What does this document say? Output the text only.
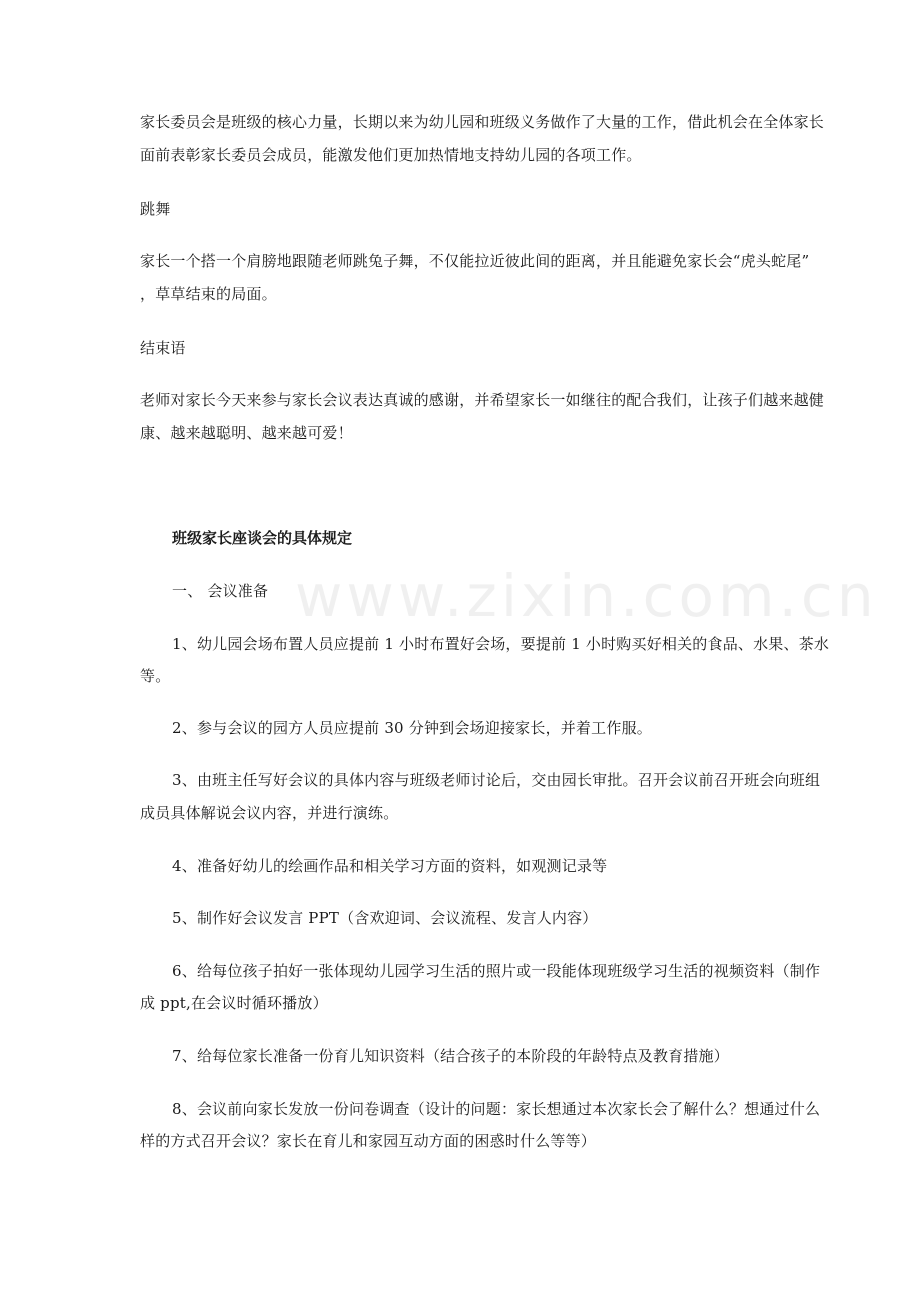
www.zixin.com.cn
家长委员会是班级的核心力量，长期以来为幼儿园和班级义务做作了大量的工作，借此机会在全体家长
面前表彰家长委员会成员，能激发他们更加热情地支持幼儿园的各项工作。
跳舞
家长一个搭一个肩膀地跟随老师跳兔子舞，不仅能拉近彼此间的距离，并且能避免家长会“虎头蛇尾”
，草草结束的局面。
结束语
老师对家长今天来参与家长会议表达真诚的感谢，并希望家长一如继往的配合我们，让孩子们越来越健
康、越来越聪明、越来越可爱！
班级家长座谈会的具体规定
一、 会议准备
1、幼儿园会场布置人员应提前 1 小时布置好会场，要提前 1 小时购买好相关的食品、水果、茶水
等。
2、参与会议的园方人员应提前 30 分钟到会场迎接家长，并着工作服。
3、由班主任写好会议的具体内容与班级老师讨论后，交由园长审批。召开会议前召开班会向班组
成员具体解说会议内容，并进行演练。
4、准备好幼儿的绘画作品和相关学习方面的资料，如观测记录等
5、制作好会议发言 PPT（含欢迎词、会议流程、发言人内容）
6、给每位孩子拍好一张体现幼儿园学习生活的照片或一段能体现班级学习生活的视频资料（制作
成 ppt,在会议时循环播放）
7、给每位家长准备一份育儿知识资料（结合孩子的本阶段的年龄特点及教育措施）
8、会议前向家长发放一份问卷调查（设计的问题：家长想通过本次家长会了解什么？想通过什么
样的方式召开会议？家长在育儿和家园互动方面的困惑时什么等等）
